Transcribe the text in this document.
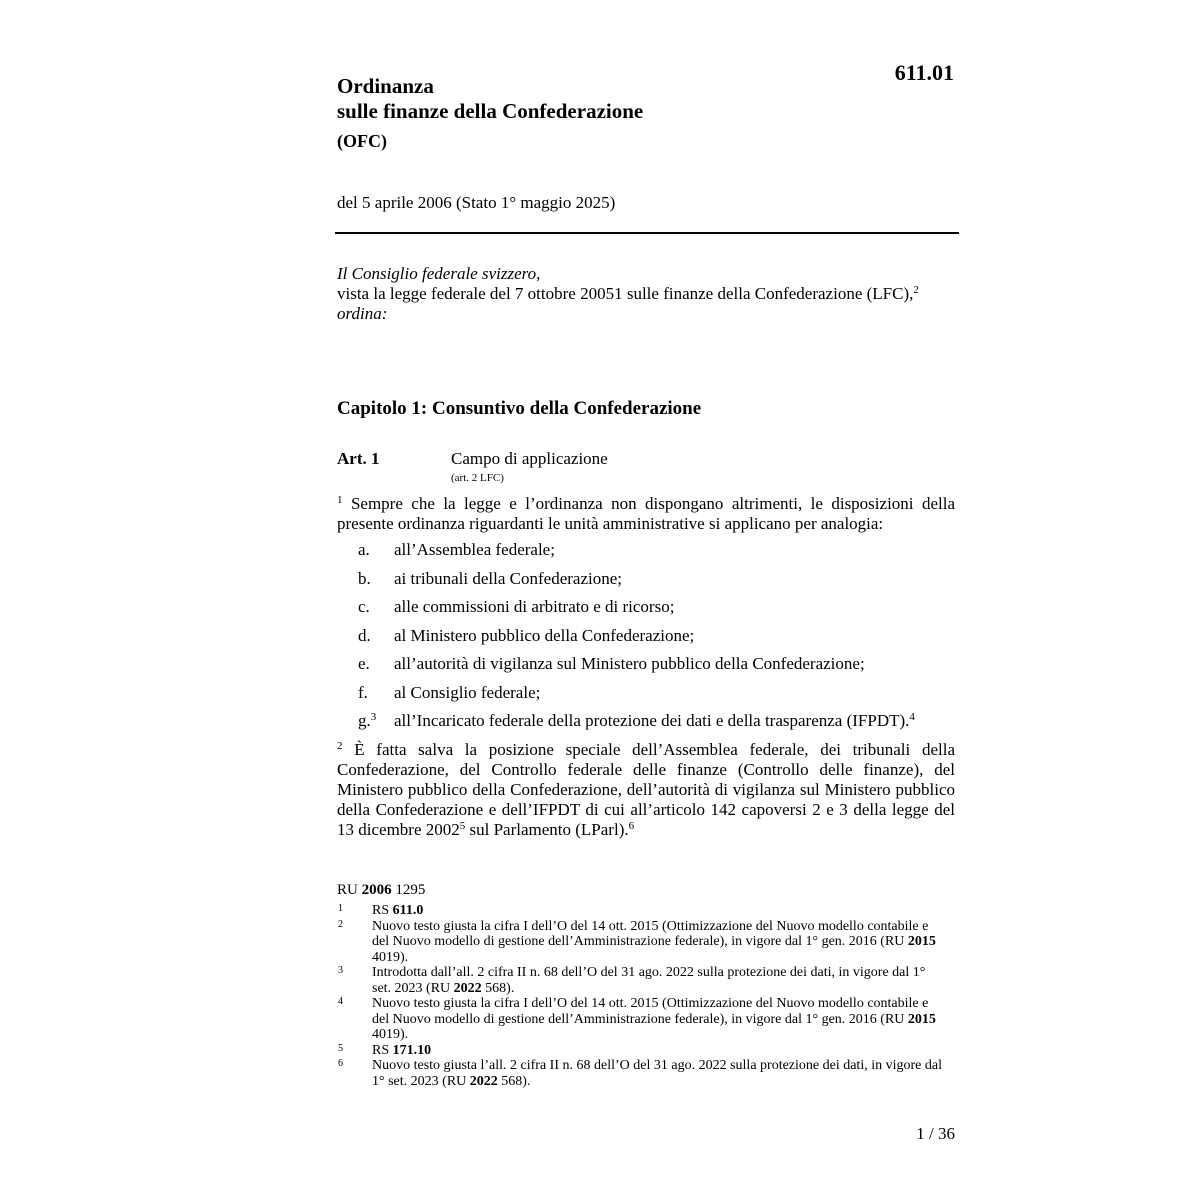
611.01
Ordinanza
sulle finanze della Confederazione
(OFC)
del 5 aprile 2006 (Stato 1° maggio 2025)
Il Consiglio federale svizzero,
vista la legge federale del 7 ottobre 20051 sulle finanze della Confederazione (LFC),$^2$
ordina:
Capitolo 1: Consuntivo della Confederazione
Art. 1	Campo di applicazione
(art. 2 LFC)
$^1$ Sempre che la legge e l’ordinanza non dispongano altrimenti, le disposizioni della presente ordinanza riguardanti le unità amministrative si applicano per analogia:
a.	all’Assemblea federale;
b.	ai tribunali della Confederazione;
c.	alle commissioni di arbitrato e di ricorso;
d.	al Ministero pubblico della Confederazione;
e.	all’autorità di vigilanza sul Ministero pubblico della Confederazione;
f.	al Consiglio federale;
g.$^3$	all’Incaricato federale della protezione dei dati e della trasparenza (IFPDT).$^4$
$^2$ È fatta salva la posizione speciale dell’Assemblea federale, dei tribunali della Confederazione, del Controllo federale delle finanze (Controllo delle finanze), del Ministero pubblico della Confederazione, dell’autorità di vigilanza sul Ministero pubblico della Confederazione e dell’IFPDT di cui all’articolo 142 capoversi 2 e 3 della legge del 13 dicembre 2002$^5$ sul Parlamento (LParl).$^6$
RU 2006 1295
1	RS 611.0
2	Nuovo testo giusta la cifra I dell’O del 14 ott. 2015 (Ottimizzazione del Nuovo modello contabile e del Nuovo modello di gestione dell’Amministrazione federale), in vigore dal 1° gen. 2016 (RU 2015 4019).
3	Introdotta dall’all. 2 cifra II n. 68 dell’O del 31 ago. 2022 sulla protezione dei dati, in vigore dal 1° set. 2023 (RU 2022 568).
4	Nuovo testo giusta la cifra I dell’O del 14 ott. 2015 (Ottimizzazione del Nuovo modello contabile e del Nuovo modello di gestione dell’Amministrazione federale), in vigore dal 1° gen. 2016 (RU 2015 4019).
5	RS 171.10
6	Nuovo testo giusta l’all. 2 cifra II n. 68 dell’O del 31 ago. 2022 sulla protezione dei dati, in vigore dal 1° set. 2023 (RU 2022 568).
1 / 36
